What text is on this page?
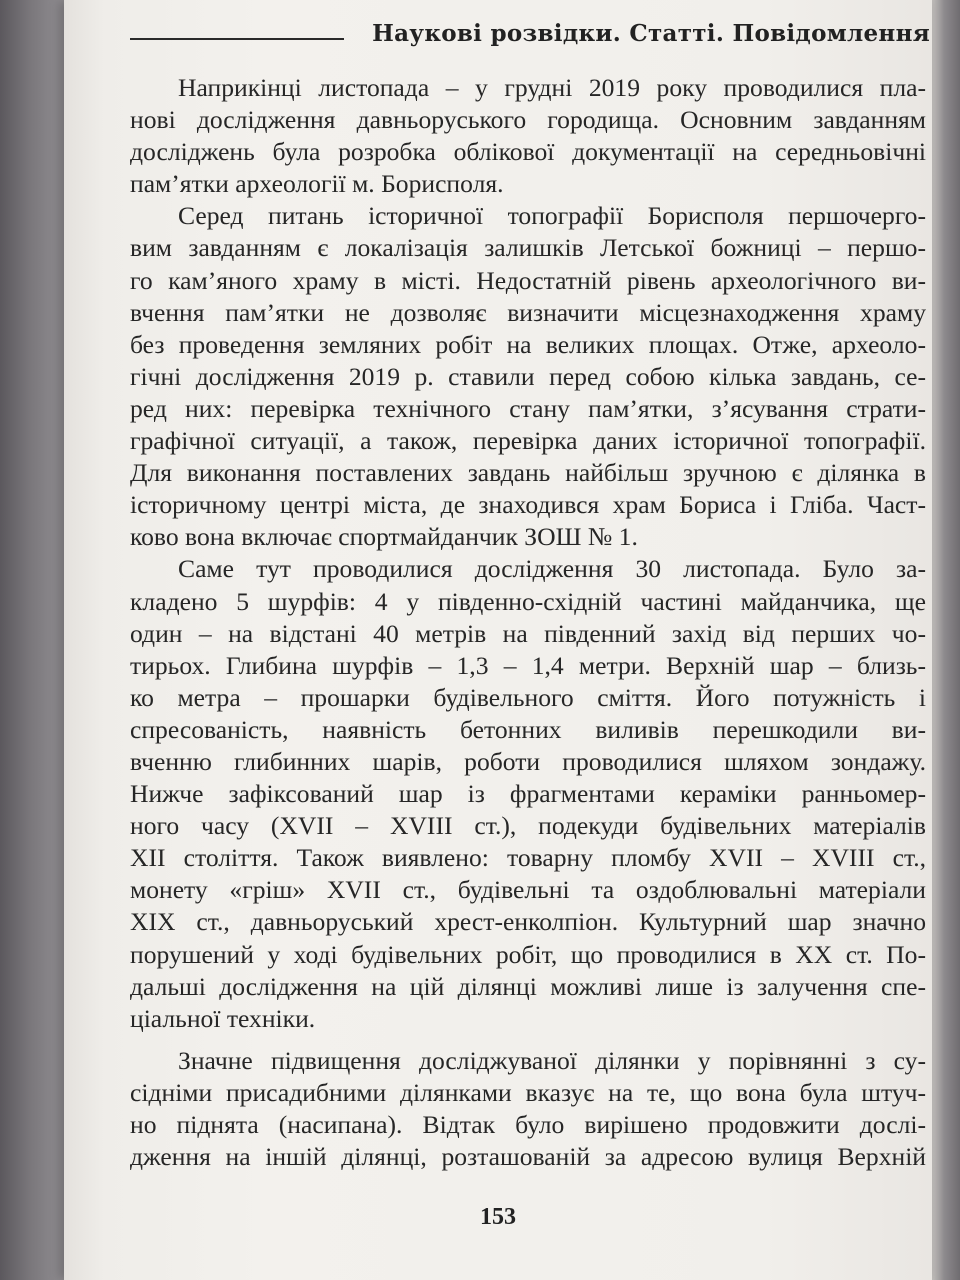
Наукові розвідки. Статті. Повідомлення
Наприкінці листопада – у грудні 2019 року проводилися пла-
нові дослідження давньоруського городища. Основним завданням
досліджень була розробка облікової документації на середньовічні
пам’ятки археології м. Борисполя.
Серед питань історичної топографії Борисполя першочерго-
вим завданням є локалізація залишків Летської божниці – першо-
го кам’яного храму в місті. Недостатній рівень археологічного ви-
вчення пам’ятки не дозволяє визначити місцезнаходження храму
без проведення земляних робіт на великих площах. Отже, археоло-
гічні дослідження 2019 р. ставили перед собою кілька завдань, се-
ред них: перевірка технічного стану пам’ятки, з’ясування страти-
графічної ситуації, а також, перевірка даних історичної топографії.
Для виконання поставлених завдань найбільш зручною є ділянка в
історичному центрі міста, де знаходився храм Бориса і Гліба. Част-
ково вона включає спортмайданчик ЗОШ № 1.
Саме тут проводилися дослідження 30 листопада. Було за-
кладено 5 шурфів: 4 у південно-східній частині майданчика, ще
один – на відстані 40 метрів на південний захід від перших чо-
тирьох. Глибина шурфів – 1,3 – 1,4 метри. Верхній шар – близь-
ко метра – прошарки будівельного сміття. Його потужність і
спресованість, наявність бетонних виливів перешкодили ви-
вченню глибинних шарів, роботи проводилися шляхом зондажу.
Нижче зафіксований шар із фрагментами кераміки ранньомер-
ного часу (XVII – XVIII ст.), подекуди будівельних матеріалів
XII століття. Також виявлено: товарну пломбу XVII – XVIII ст.,
монету «гріш» XVII ст., будівельні та оздоблювальні матеріали
XIX ст., давньоруський хрест-енколпіон. Культурний шар значно
порушений у ході будівельних робіт, що проводилися в XX ст. По-
дальші дослідження на цій ділянці можливі лише із залучення спе-
ціальної техніки.
Значне підвищення досліджуваної ділянки у порівнянні з су-
сідніми присадибними ділянками вказує на те, що вона була штуч-
но піднята (насипана). Відтак було вирішено продовжити дослі-
дження на іншій ділянці, розташованій за адресою вулиця Верхній
153
